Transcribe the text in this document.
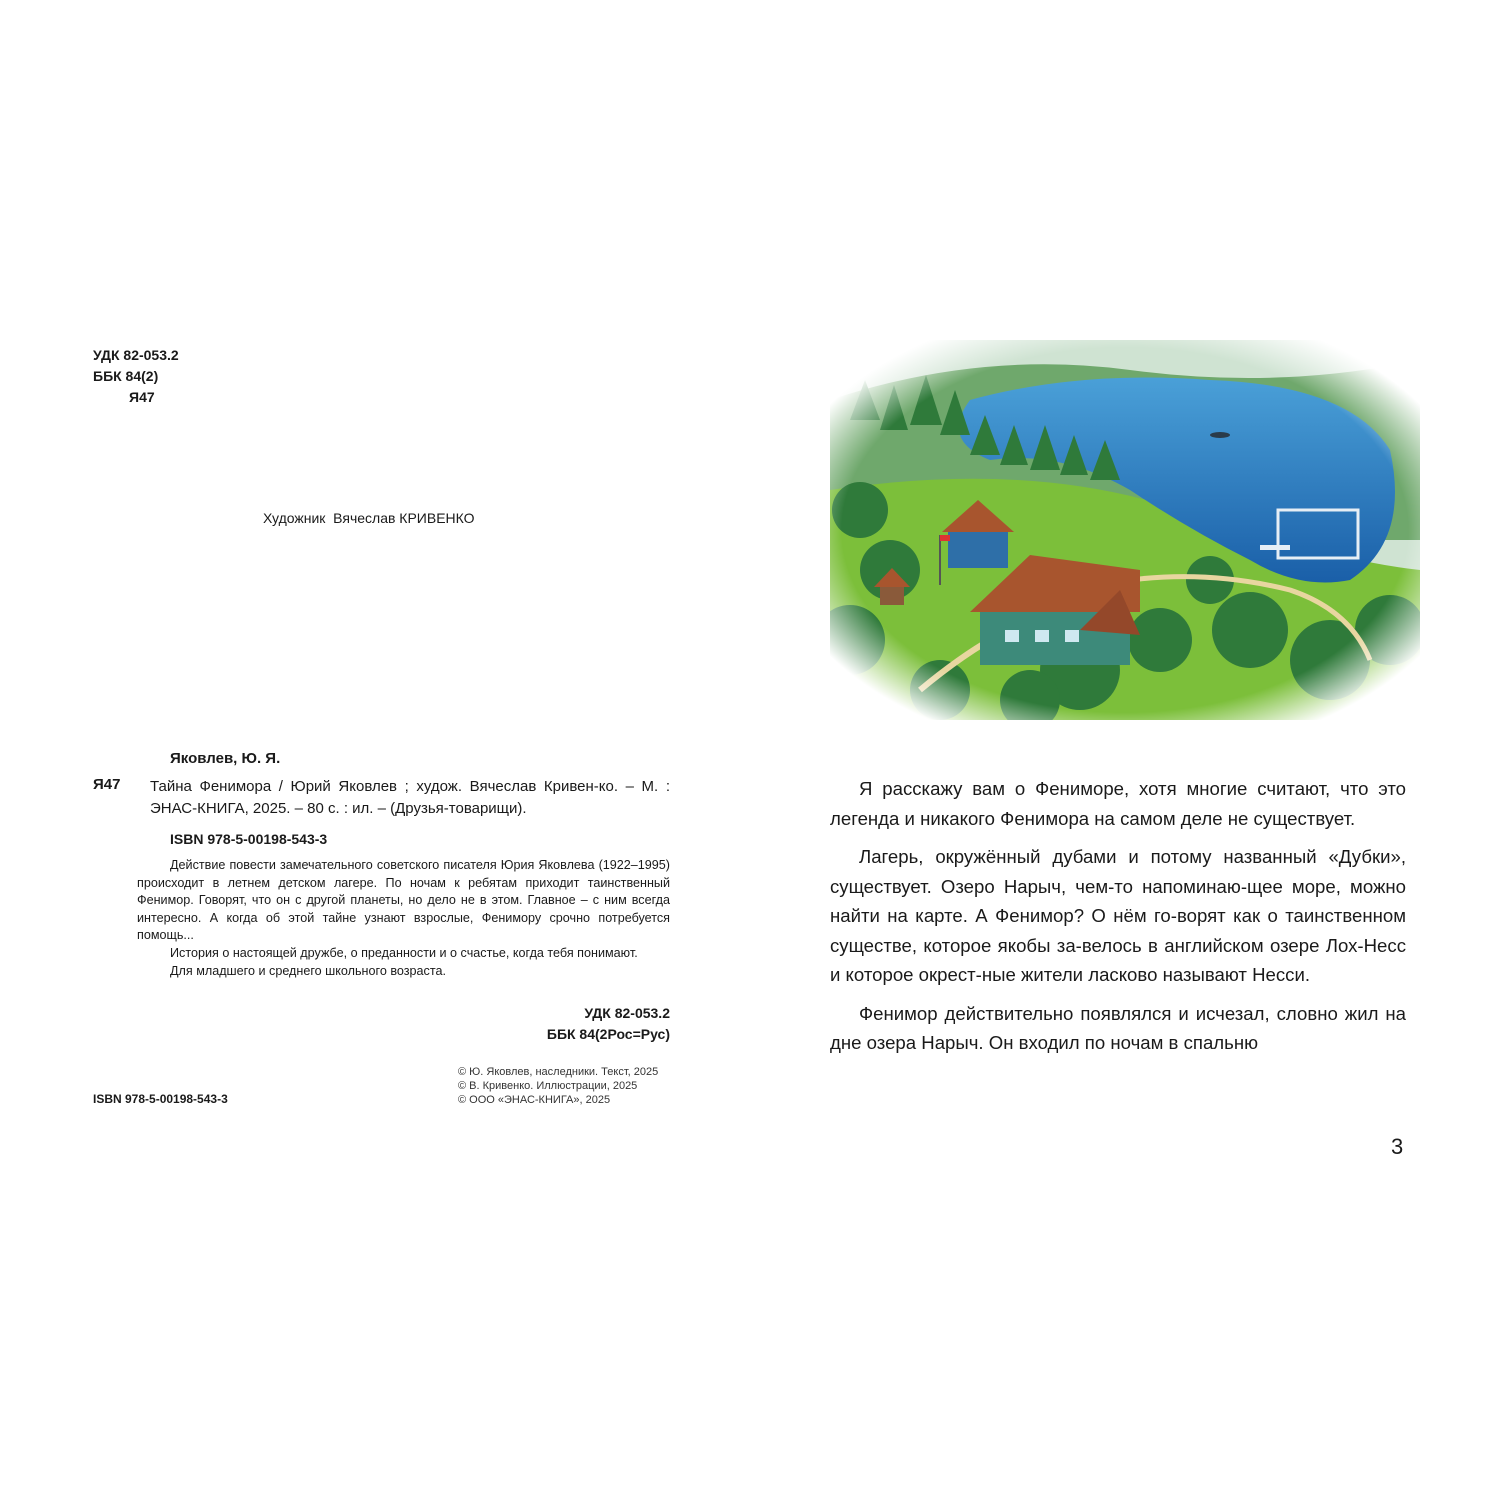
УДК 82-053.2
ББК 84(2)
Я47
Художник  Вячеслав КРИВЕНКО
Яковлев, Ю. Я.
Я47 Тайна Фенимора / Юрий Яковлев ; худож. Вячеслав Кривен-ко. – М. : ЭНАС-КНИГА, 2025. – 80 с. : ил. – (Друзья-товарищи).
ISBN 978-5-00198-543-3

Действие повести замечательного советского писателя Юрия Яковлева (1922–1995) происходит в летнем детском лагере. По ночам к ребятам приходит таинственный Фенимор. Говорят, что он с другой планеты, но дело не в этом. Главное – с ним всегда интересно. А когда об этой тайне узнают взрослые, Фенимору срочно потребуется помощь...

История о настоящей дружбе, о преданности и о счастье, когда тебя понимают.

Для младшего и среднего школьного возраста.

УДК 82-053.2
ББК 84(2Рос=Рус)
© Ю. Яковлев, наследники. Текст, 2025
© В. Кривенко. Иллюстрации, 2025
© ООО «ЭНАС-КНИГА», 2025
ISBN 978-5-00198-543-3

Я расскажу вам о Фениморе, хотя многие считают, что это легенда и никакого Фенимора на самом деле не существует.

Лагерь, окружённый дубами и потому названный «Дубки», существует. Озеро Нарыч, чем-то напоминаю-щее море, можно найти на карте. А Фенимор? О нём го-ворят как о таинственном существе, которое якобы за-велось в английском озере Лох-Несс и которое окрест-ные жители ласково называют Несси.

Фенимор действительно появлялся и исчезал, словно жил на дне озера Нарыч. Он входил по ночам в спальню

3
